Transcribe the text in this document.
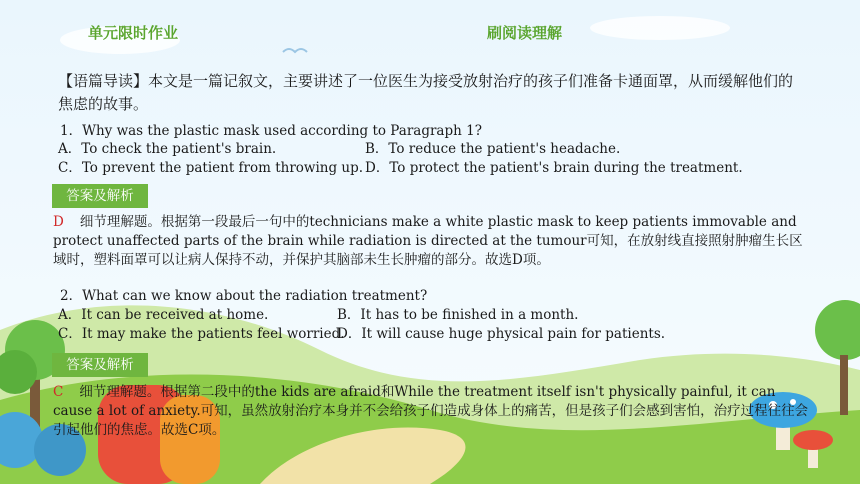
单元限时作业	刷阅读理解
【语篇导读】本文是一篇记叙文，主要讲述了一位医生为接受放射治疗的孩子们准备卡通面罩，从而缓解他们的焦虑的故事。
1．Why was the plastic mask used according to Paragraph 1?
A．To check the patient's brain.	B．To reduce the patient's headache.
C．To prevent the patient from throwing up. D．To protect the patient's brain during the treatment.
答案及解析
D 细节理解题。根据第一段最后一句中的technicians make a white plastic mask to keep patients immovable and protect unaffected parts of the brain while radiation is directed at the tumour可知，在放射线直接照射肿瘤生长区域时，塑料面罩可以让病人保持不动，并保护其脑部未生长肿瘤的部分。故选D项。
2．What can we know about the radiation treatment?
A．It can be received at home.	B．It has to be finished in a month.
C．It may make the patients feel worried.
D．It will cause huge physical pain for patients.
答案及解析
C 细节理解题。根据第二段中的the kids are afraid和While the treatment itself isn't physically painful, it can cause a lot of anxiety.可知，虽然放射治疗本身并不会给孩子们造成身体上的痛苦，但是孩子们会感到害怕，治疗过程往往会引起他们的焦虑。故选C项。
